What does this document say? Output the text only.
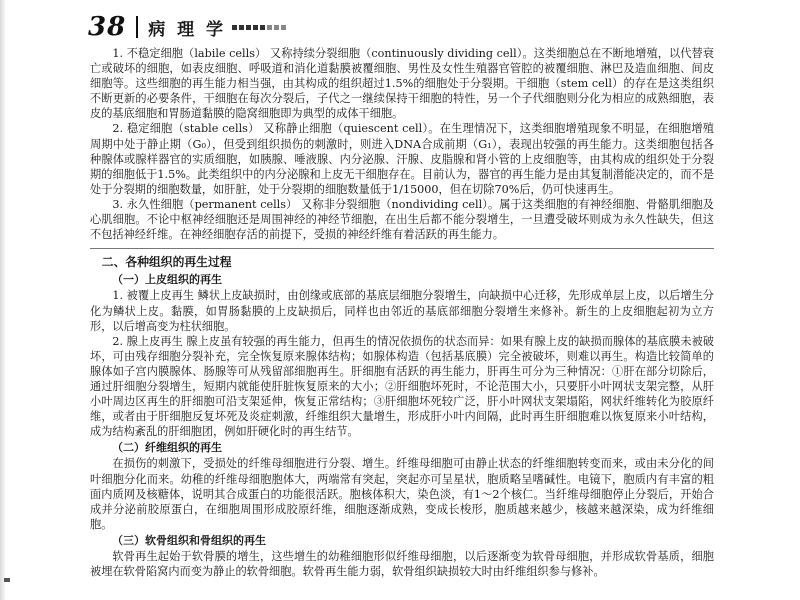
38 病 理 学

1. 不稳定细胞（labile cells） 又称持续分裂细胞（continuously dividing cell）。这类细胞总在不断地增殖，以代替衰亡或破坏的细胞，如表皮细胞、呼吸道和消化道黏膜被覆细胞、男性及女性生殖器官管腔的被覆细胞、淋巴及造血细胞、间皮细胞等。这些细胞的再生能力相当强，由其构成的组织超过1.5%的细胞处于分裂期。干细胞（stem cell）的存在是这类组织不断更新的必要条件，干细胞在每次分裂后，子代之一继续保持干细胞的特性，另一个子代细胞则分化为相应的成熟细胞，表皮的基底细胞和胃肠道黏膜的隐窝细胞即为典型的成体干细胞。

2. 稳定细胞（stable cells） 又称静止细胞（quiescent cell）。在生理情况下，这类细胞增殖现象不明显，在细胞增殖周期中处于静止期（G₀），但受到组织损伤的刺激时，则进入DNA合成前期（G₁），表现出较强的再生能力。这类细胞包括各种腺体或腺样器官的实质细胞，如胰腺、唾液腺、内分泌腺、汗腺、皮脂腺和肾小管的上皮细胞等，由其构成的组织处于分裂期的细胞低于1.5%。此类组织中的内分泌腺和上皮无干细胞存在。目前认为，器官的再生能力是由其复制潜能决定的，而不是处于分裂期的细胞数量，如肝脏，处于分裂期的细胞数量低于1/15000，但在切除70%后，仍可快速再生。

3. 永久性细胞（permanent cells） 又称非分裂细胞（nondividing cell）。属于这类细胞的有神经细胞、骨骼肌细胞及心肌细胞。不论中枢神经细胞还是周围神经的神经节细胞，在出生后都不能分裂增生，一旦遭受破坏则成为永久性缺失，但这不包括神经纤维。在神经细胞存活的前提下，受损的神经纤维有着活跃的再生能力。

二、各种组织的再生过程
（一）上皮组织的再生

1. 被覆上皮再生 鳞状上皮缺损时，由创缘或底部的基底层细胞分裂增生，向缺损中心迁移，先形成单层上皮，以后增生分化为鳞状上皮。黏膜，如胃肠黏膜的上皮缺损后，同样也由邻近的基底部细胞分裂增生来修补。新生的上皮细胞起初为立方形，以后增高变为柱状细胞。

2. 腺上皮再生 腺上皮虽有较强的再生能力，但再生的情况依损伤的状态而异：如果有腺上皮的缺损而腺体的基底膜未被破坏，可由残存细胞分裂补充，完全恢复原来腺体结构；如腺体构造（包括基底膜）完全被破坏，则难以再生。构造比较简单的腺体如子宫内膜腺体、肠腺等可从残留部细胞再生。肝细胞有活跃的再生能力，肝再生可分为三种情况：①肝在部分切除后，通过肝细胞分裂增生，短期内就能使肝脏恢复原来的大小；②肝细胞坏死时，不论范围大小，只要肝小叶网状支架完整，从肝小叶周边区再生的肝细胞可沿支架延伸，恢复正常结构；③肝细胞坏死较广泛，肝小叶网状支架塌陷，网状纤维转化为胶原纤维，或者由于肝细胞反复坏死及炎症刺激，纤维组织大量增生，形成肝小叶内间隔，此时再生肝细胞难以恢复原来小叶结构，成为结构紊乱的肝细胞团，例如肝硬化时的再生结节。

（二）纤维组织的再生

在损伤的刺激下，受损处的纤维母细胞进行分裂、增生。纤维母细胞可由静止状态的纤维细胞转变而来，或由未分化的间叶细胞分化而来。幼稚的纤维母细胞胞体大，两端常有突起，突起亦可呈星状，胞质略呈嗜碱性。电镜下，胞质内有丰富的粗面内质网及核糖体，说明其合成蛋白的功能很活跃。胞核体积大，染色淡，有1～2个核仁。当纤维母细胞停止分裂后，开始合成并分泌前胶原蛋白，在细胞周围形成胶原纤维，细胞逐渐成熟，变成长梭形，胞质越来越少，核越来越深染，成为纤维细胞。

（三）软骨组织和骨组织的再生

软骨再生起始于软骨膜的增生，这些增生的幼稚细胞形似纤维母细胞，以后逐渐变为软骨母细胞，并形成软骨基质，细胞被埋在软骨陷窝内而变为静止的软骨细胞。软骨再生能力弱，软骨组织缺损较大时由纤维组织参与修补。
